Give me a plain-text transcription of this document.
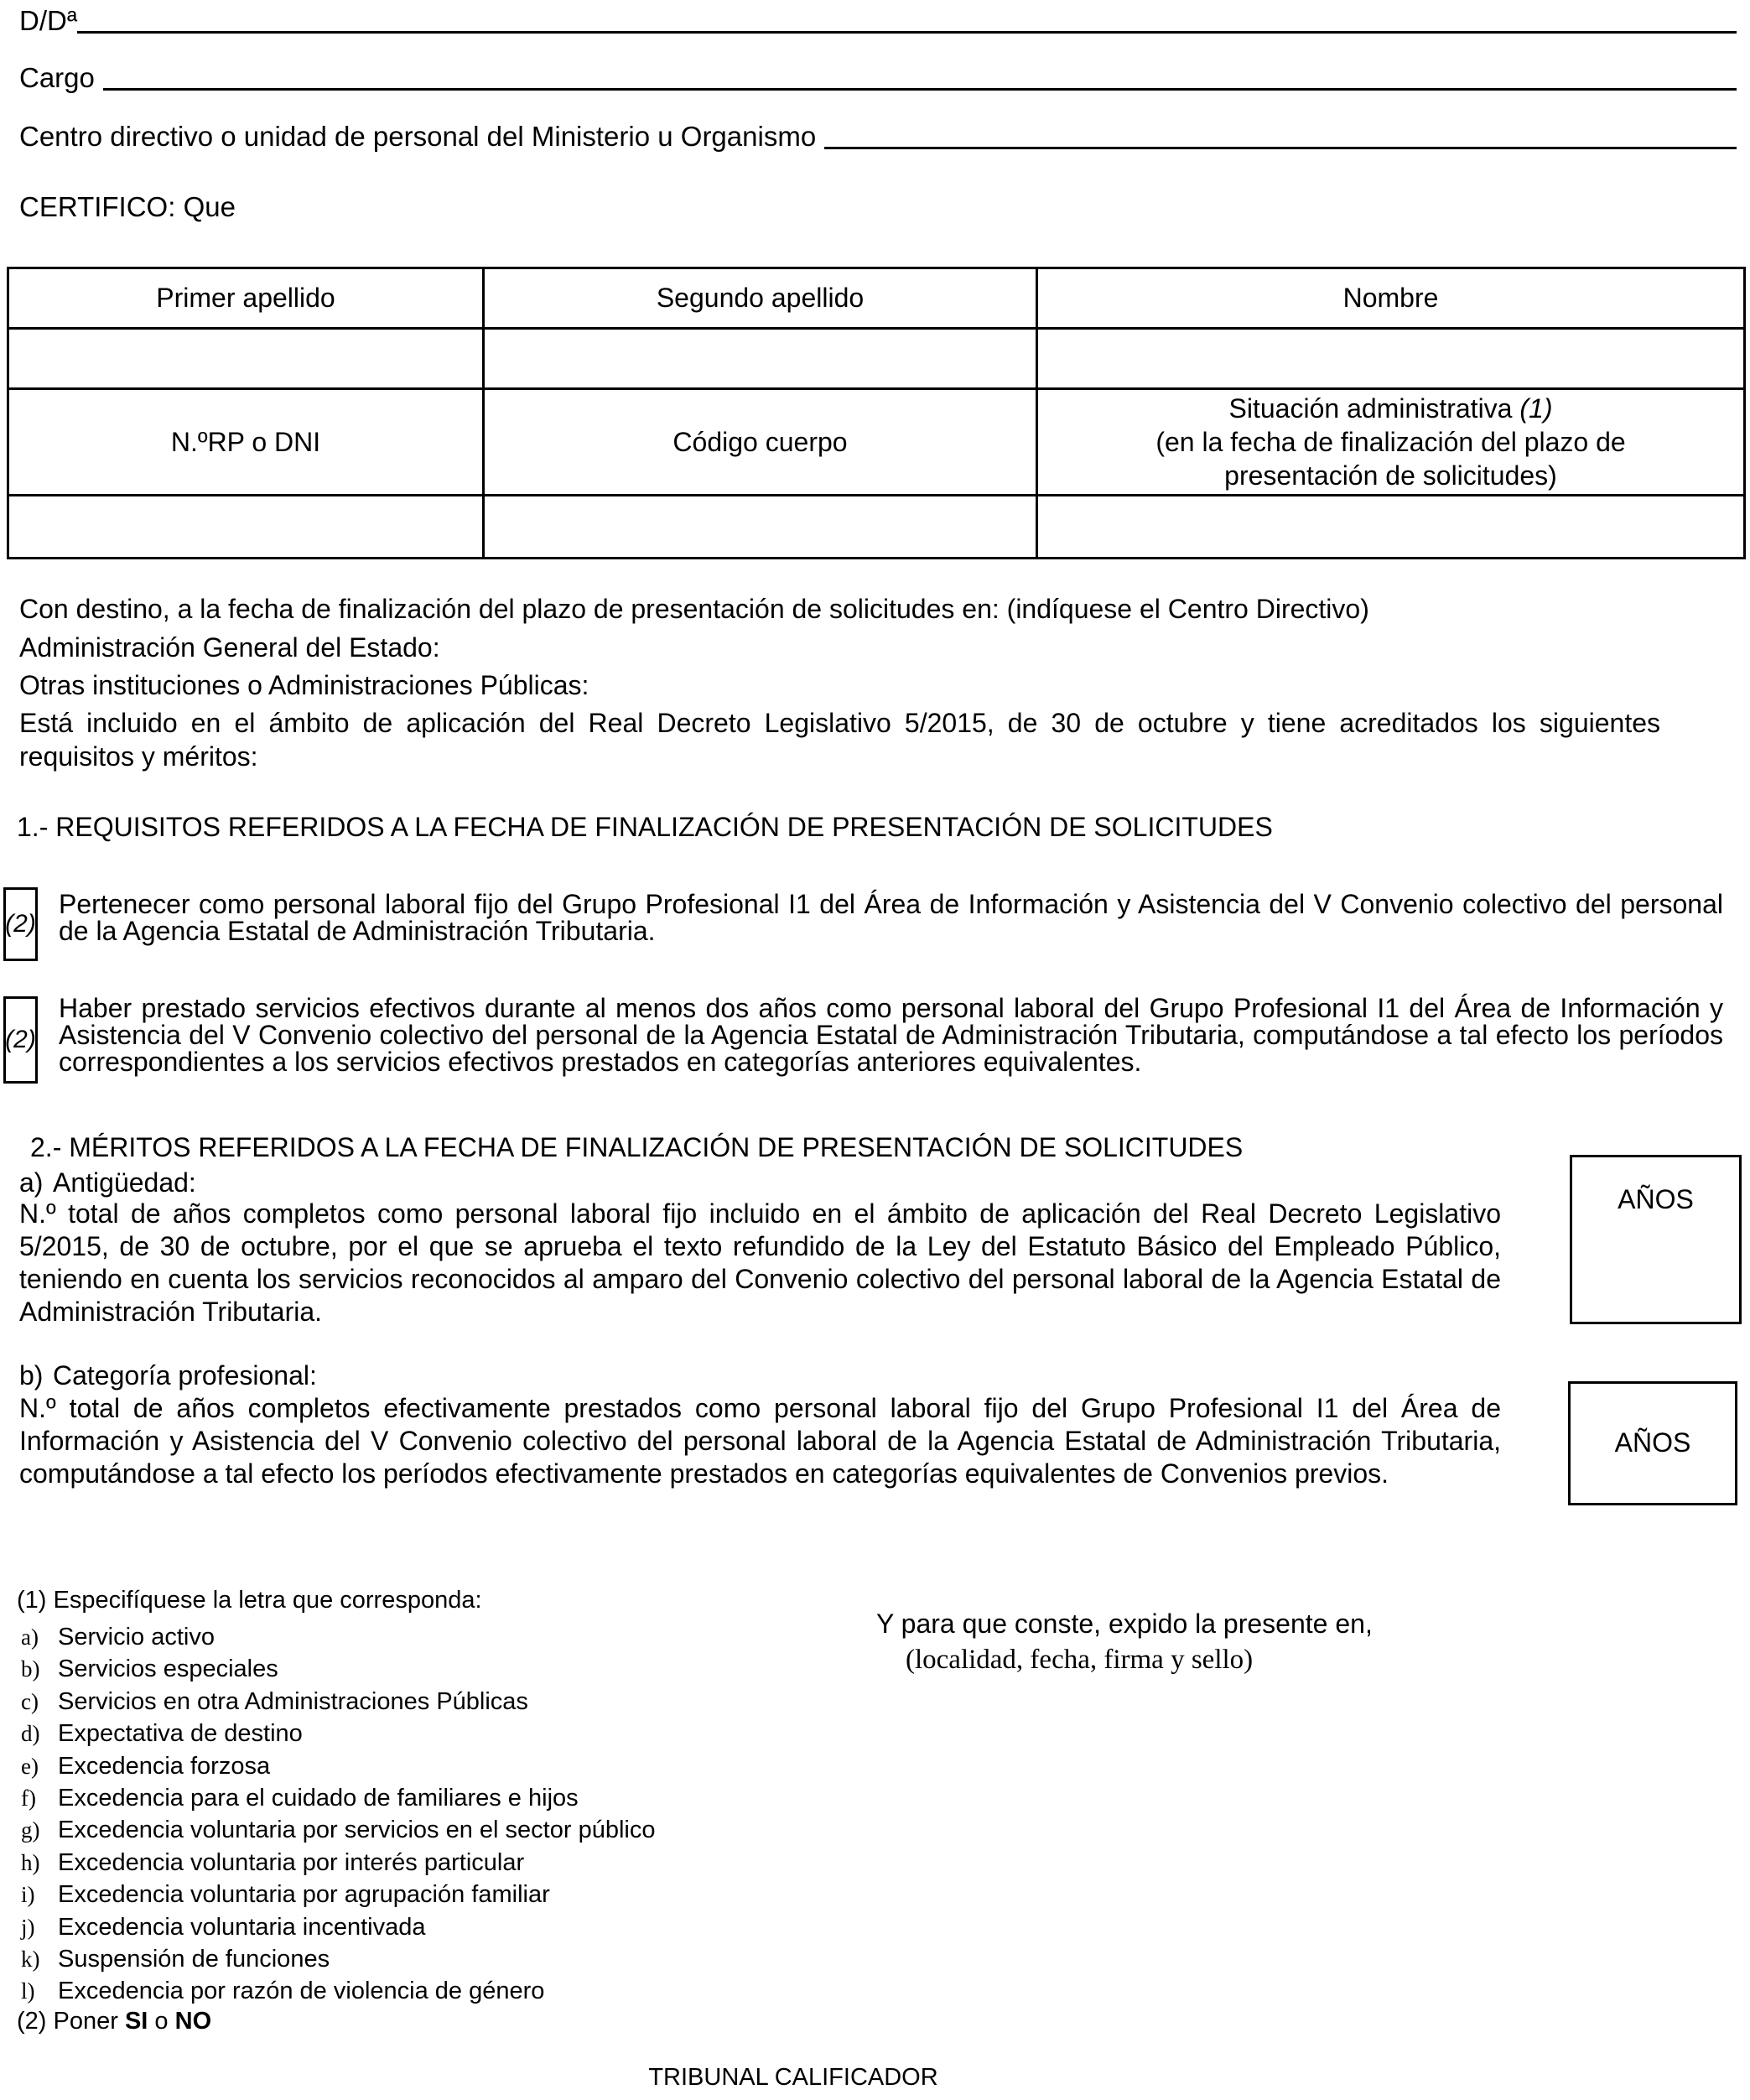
D/Dª
Cargo
Centro directivo o unidad de personal del Ministerio u Organismo
CERTIFICO: Que
Primer apellido	Segundo apellido	Nombre

N.ºRP o DNI	Código cuerpo	Situación administrativa (1)
(en la fecha de finalización del plazo de
presentación de solicitudes)

Con destino, a la fecha de finalización del plazo de presentación de solicitudes en: (indíquese el Centro Directivo)
Administración General del Estado:
Otras instituciones o Administraciones Públicas:
Está incluido en el ámbito de aplicación del Real Decreto Legislativo 5/2015, de 30 de octubre y tiene acreditados los siguientes requisitos y méritos:
1.- REQUISITOS REFERIDOS A LA FECHA DE FINALIZACIÓN DE PRESENTACIÓN DE SOLICITUDES
(2)
Pertenecer como personal laboral fijo del Grupo Profesional I1 del Área de Información y Asistencia del V Convenio colectivo del personal de la Agencia Estatal de Administración Tributaria.
(2)
Haber prestado servicios efectivos durante al menos dos años como personal laboral del Grupo Profesional I1 del Área de Información y Asistencia del V Convenio colectivo del personal de la Agencia Estatal de Administración Tributaria, computándose a tal efecto los períodos correspondientes a los servicios efectivos prestados en categorías anteriores equivalentes.
2.- MÉRITOS REFERIDOS A LA FECHA DE FINALIZACIÓN DE PRESENTACIÓN DE SOLICITUDES
a) Antigüedad:
N.º total de años completos como personal laboral fijo incluido en el ámbito de aplicación del Real Decreto Legislativo 5/2015, de 30 de octubre, por el que se aprueba el texto refundido de la Ley del Estatuto Básico del Empleado Público, teniendo en cuenta los servicios reconocidos al amparo del Convenio colectivo del personal laboral de la Agencia Estatal de Administración Tributaria.
AÑOS
b) Categoría profesional:
N.º total de años completos efectivamente prestados como personal laboral fijo del Grupo Profesional I1 del Área de Información y Asistencia del V Convenio colectivo del personal laboral de la Agencia Estatal de Administración Tributaria, computándose a tal efecto los períodos efectivamente prestados en categorías equivalentes de Convenios previos.
AÑOS
(1) Especifíquese la letra que corresponda:
a) Servicio activo
b) Servicios especiales
c) Servicios en otra Administraciones Públicas
d) Expectativa de destino
e) Excedencia forzosa
f) Excedencia para el cuidado de familiares e hijos
g) Excedencia voluntaria por servicios en el sector público
h) Excedencia voluntaria por interés particular
i) Excedencia voluntaria por agrupación familiar
j) Excedencia voluntaria incentivada
k) Suspensión de funciones
l) Excedencia por razón de violencia de género
(2) Poner SI o NO
Y para que conste, expido la presente en,
(localidad, fecha, firma y sello)
TRIBUNAL CALIFICADOR
